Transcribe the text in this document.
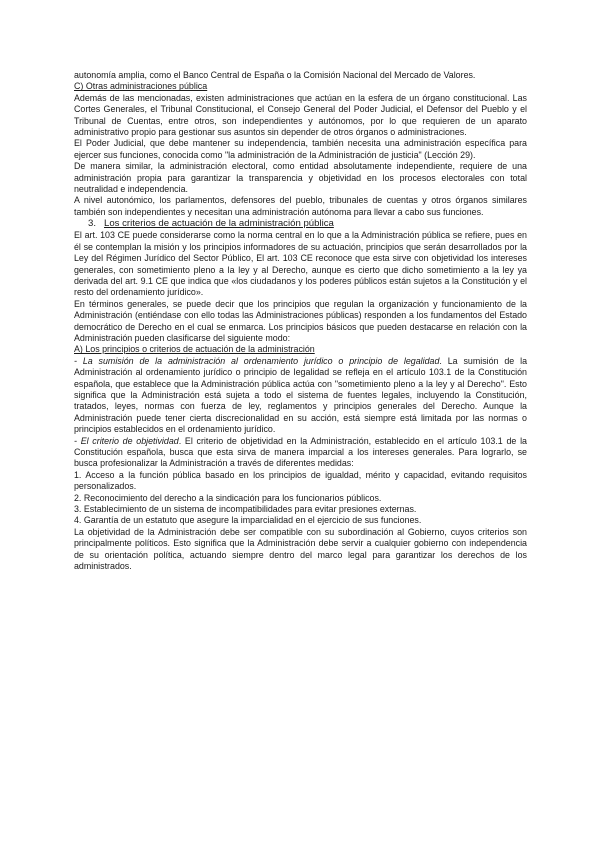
autonomía amplia, como el Banco Central de España o la Comisión Nacional del Mercado de Valores.

C) Otras administraciones pública

Además de las mencionadas, existen administraciones que actúan en la esfera de un órgano constitucional. Las Cortes Generales, el Tribunal Constitucional, el Consejo General del Poder Judicial, el Defensor del Pueblo y el Tribunal de Cuentas, entre otros, son independientes y autónomos, por lo que requieren de un aparato administrativo propio para gestionar sus asuntos sin depender de otros órganos o administraciones.

El Poder Judicial, que debe mantener su independencia, también necesita una administración específica para ejercer sus funciones, conocida como "la administración de la Administración de justicia" (Lección 29).

De manera similar, la administración electoral, como entidad absolutamente independiente, requiere de una administración propia para garantizar la transparencia y objetividad en los procesos electorales con total neutralidad e independencia.

A nivel autonómico, los parlamentos, defensores del pueblo, tribunales de cuentas y otros órganos similares también son independientes y necesitan una administración autónoma para llevar a cabo sus funciones.

3. Los criterios de actuación de la administración pública

El art. 103 CE puede considerarse como la norma central en lo que a la Administración pública se refiere, pues en él se contemplan la misión y los principios informadores de su actuación, principios que serán desarrollados por la Ley del Régimen Jurídico del Sector Público, El art. 103 CE reconoce que esta sirve con objetividad los intereses generales, con sometimiento pleno a la ley y al Derecho, aunque es cierto que dicho sometimiento a la ley ya derivada del art. 9.1 CE que indica que «los ciudadanos y los poderes públicos están sujetos a la Constitución y el resto del ordenamiento jurídico».

En términos generales, se puede decir que los principios que regulan la organización y funcionamiento de la Administración (entiéndase con ello todas las Administraciones públicas) responden a los fundamentos del Estado democrático de Derecho en el cual se enmarca. Los principios básicos que pueden destacarse en relación con la Administración pueden clasificarse del siguiente modo:

A) Los principios o criterios de actuación de la administración

- La sumisión de la administración al ordenamiento jurídico o principio de legalidad. La sumisión de la Administración al ordenamiento jurídico o principio de legalidad se refleja en el artículo 103.1 de la Constitución española, que establece que la Administración pública actúa con "sometimiento pleno a la ley y al Derecho". Esto significa que la Administración está sujeta a todo el sistema de fuentes legales, incluyendo la Constitución, tratados, leyes, normas con fuerza de ley, reglamentos y principios generales del Derecho. Aunque la Administración puede tener cierta discrecionalidad en su acción, está siempre está limitada por las normas o principios establecidos en el ordenamiento jurídico.

- El criterio de objetividad. El criterio de objetividad en la Administración, establecido en el artículo 103.1 de la Constitución española, busca que esta sirva de manera imparcial a los intereses generales. Para lograrlo, se busca profesionalizar la Administración a través de diferentes medidas:

1. Acceso a la función pública basado en los principios de igualdad, mérito y capacidad, evitando requisitos personalizados.

2. Reconocimiento del derecho a la sindicación para los funcionarios públicos.

3. Establecimiento de un sistema de incompatibilidades para evitar presiones externas.

4. Garantía de un estatuto que asegure la imparcialidad en el ejercicio de sus funciones.

La objetividad de la Administración debe ser compatible con su subordinación al Gobierno, cuyos criterios son principalmente políticos. Esto significa que la Administración debe servir a cualquier gobierno con independencia de su orientación política, actuando siempre dentro del marco legal para garantizar los derechos de los administrados.
